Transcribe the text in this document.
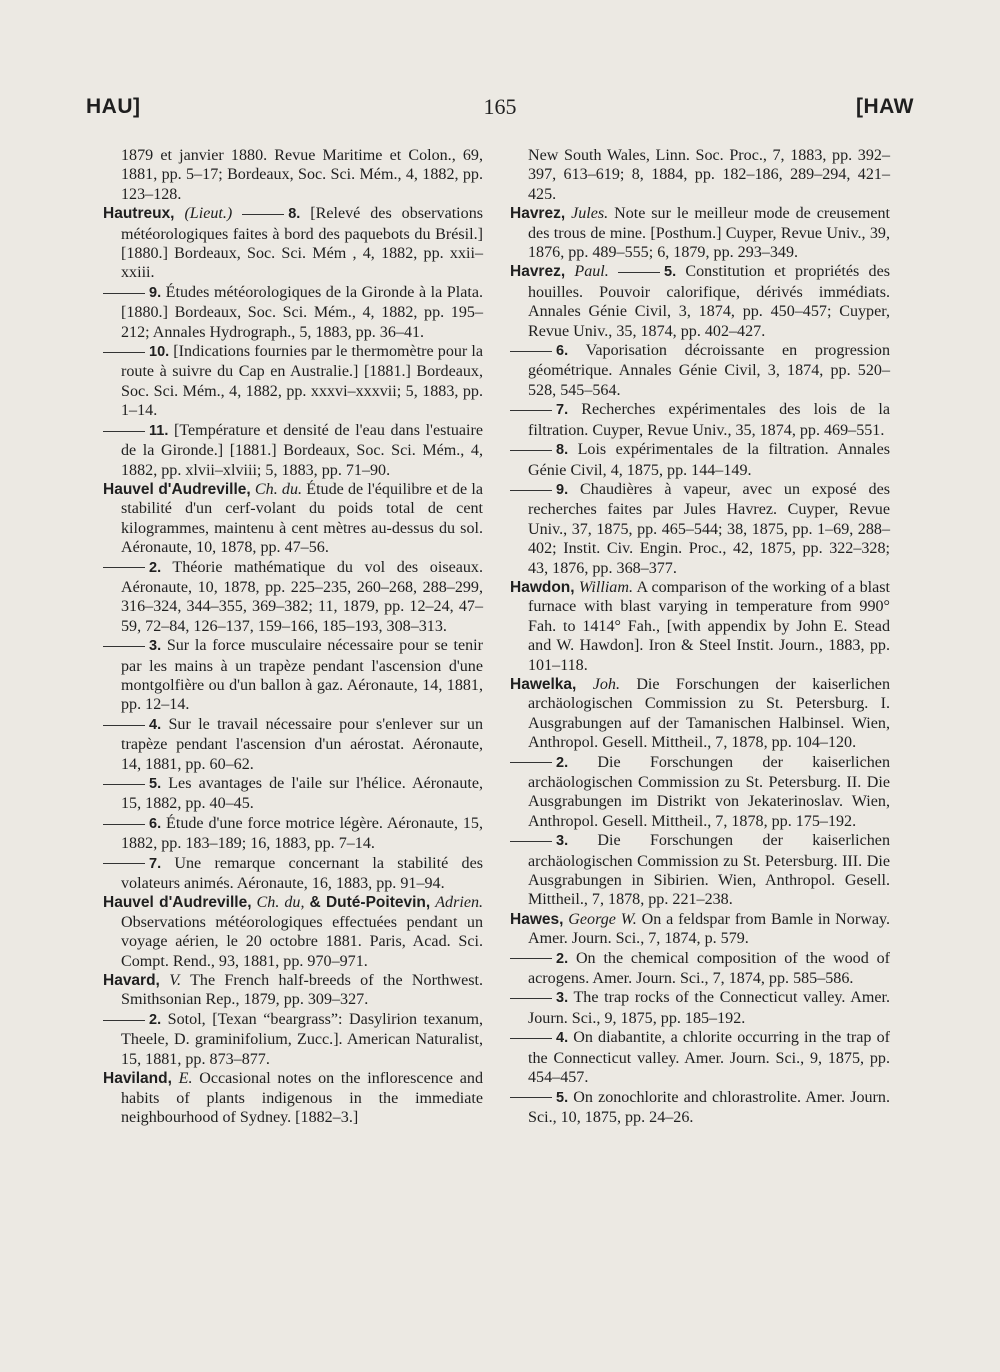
HAU]	165	[HAW

1879 et janvier 1880. Revue Maritime et Colon., 69, 1881, pp. 5–17; Bordeaux, Soc. Sci. Mém., 4, 1882, pp. 123–128.

Hautreux, (Lieut.)	8. [Relevé des observations météorologiques faites à bord des paquebots du Brésil.] [1880.] Bordeaux, Soc. Sci. Mém , 4, 1882, pp. xxii–xxiii.

9. Études météorologiques de la Gironde à la Plata. [1880.] Bordeaux, Soc. Sci. Mém., 4, 1882, pp. 195–212; Annales Hydrograph., 5, 1883, pp. 36–41.

10. [Indications fournies par le thermomètre pour la route à suivre du Cap en Australie.] [1881.] Bordeaux, Soc. Sci. Mém., 4, 1882, pp. xxxvi–xxxvii; 5, 1883, pp. 1–14.

11. [Température et densité de l'eau dans l'estuaire de la Gironde.] [1881.] Bordeaux, Soc. Sci. Mém., 4, 1882, pp. xlvii–xlviii; 5, 1883, pp. 71–90.

Hauvel d'Audreville, Ch. du. Étude de l'équilibre et de la stabilité d'un cerf-volant du poids total de cent kilogrammes, maintenu à cent mètres au-dessus du sol. Aéronaute, 10, 1878, pp. 47–56.

2. Théorie mathématique du vol des oiseaux. Aéronaute, 10, 1878, pp. 225–235, 260–268, 288–299, 316–324, 344–355, 369–382; 11, 1879, pp. 12–24, 47–59, 72–84, 126–137, 159–166, 185–193, 308–313.

3. Sur la force musculaire nécessaire pour se tenir par les mains à un trapèze pendant l'ascension d'une montgolfière ou d'un ballon à gaz. Aéronaute, 14, 1881, pp. 12–14.

4. Sur le travail nécessaire pour s'enlever sur un trapèze pendant l'ascension d'un aérostat. Aéronaute, 14, 1881, pp. 60–62.

5. Les avantages de l'aile sur l'hélice. Aéronaute, 15, 1882, pp. 40–45.

6. Étude d'une force motrice légère. Aéronaute, 15, 1882, pp. 183–189; 16, 1883, pp. 7–14.

7. Une remarque concernant la stabilité des volateurs animés. Aéronaute, 16, 1883, pp. 91–94.

Hauvel d'Audreville, Ch. du, & Duté-Poitevin, Adrien. Observations météorologiques effectuées pendant un voyage aérien, le 20 octobre 1881. Paris, Acad. Sci. Compt. Rend., 93, 1881, pp. 970–971.

Havard, V. The French half-breeds of the Northwest. Smithsonian Rep., 1879, pp. 309–327.

2. Sotol, [Texan “beargrass”: Dasylirion texanum, Theele, D. graminifolium, Zucc.]. American Naturalist, 15, 1881, pp. 873–877.

Haviland, E. Occasional notes on the inflorescence and habits of plants indigenous in the immediate neighbourhood of Sydney. [1882–3.]

New South Wales, Linn. Soc. Proc., 7, 1883, pp. 392–397, 613–619; 8, 1884, pp. 182–186, 289–294, 421–425.

Havrez, Jules. Note sur le meilleur mode de creusement des trous de mine. [Posthum.] Cuyper, Revue Univ., 39, 1876, pp. 489–555; 6, 1879, pp. 293–349.

Havrez, Paul.	5. Constitution et propriétés des houilles. Pouvoir calorifique, dérivés immédiats. Annales Génie Civil, 3, 1874, pp. 450–457; Cuyper, Revue Univ., 35, 1874, pp. 402–427.

6. Vaporisation décroissante en progression géométrique. Annales Génie Civil, 3, 1874, pp. 520–528, 545–564.

7. Recherches expérimentales des lois de la filtration. Cuyper, Revue Univ., 35, 1874, pp. 469–551.

8. Lois expérimentales de la filtration. Annales Génie Civil, 4, 1875, pp. 144–149.

9. Chaudières à vapeur, avec un exposé des recherches faites par Jules Havrez. Cuyper, Revue Univ., 37, 1875, pp. 465–544; 38, 1875, pp. 1–69, 288–402; Instit. Civ. Engin. Proc., 42, 1875, pp. 322–328; 43, 1876, pp. 368–377.

Hawdon, William. A comparison of the working of a blast furnace with blast varying in temperature from 990° Fah. to 1414° Fah., [with appendix by John E. Stead and W. Hawdon]. Iron & Steel Instit. Journ., 1883, pp. 101–118.

Hawelka, Joh. Die Forschungen der kaiserlichen archäologischen Commission zu St. Petersburg. I. Ausgrabungen auf der Tamanischen Halbinsel. Wien, Anthropol. Gesell. Mittheil., 7, 1878, pp. 104–120.

2. Die Forschungen der kaiserlichen archäologischen Commission zu St. Petersburg. II. Die Ausgrabungen im Distrikt von Jekaterinoslav. Wien, Anthropol. Gesell. Mittheil., 7, 1878, pp. 175–192.

3. Die Forschungen der kaiserlichen archäologischen Commission zu St. Petersburg. III. Die Ausgrabungen in Sibirien. Wien, Anthropol. Gesell. Mittheil., 7, 1878, pp. 221–238.

Hawes, George W. On a feldspar from Bamle in Norway. Amer. Journ. Sci., 7, 1874, p. 579.

2. On the chemical composition of the wood of acrogens. Amer. Journ. Sci., 7, 1874, pp. 585–586.

3. The trap rocks of the Connecticut valley. Amer. Journ. Sci., 9, 1875, pp. 185–192.

4. On diabantite, a chlorite occurring in the trap of the Connecticut valley. Amer. Journ. Sci., 9, 1875, pp. 454–457.

5. On zonochlorite and chlorastrolite. Amer. Journ. Sci., 10, 1875, pp. 24–26.
